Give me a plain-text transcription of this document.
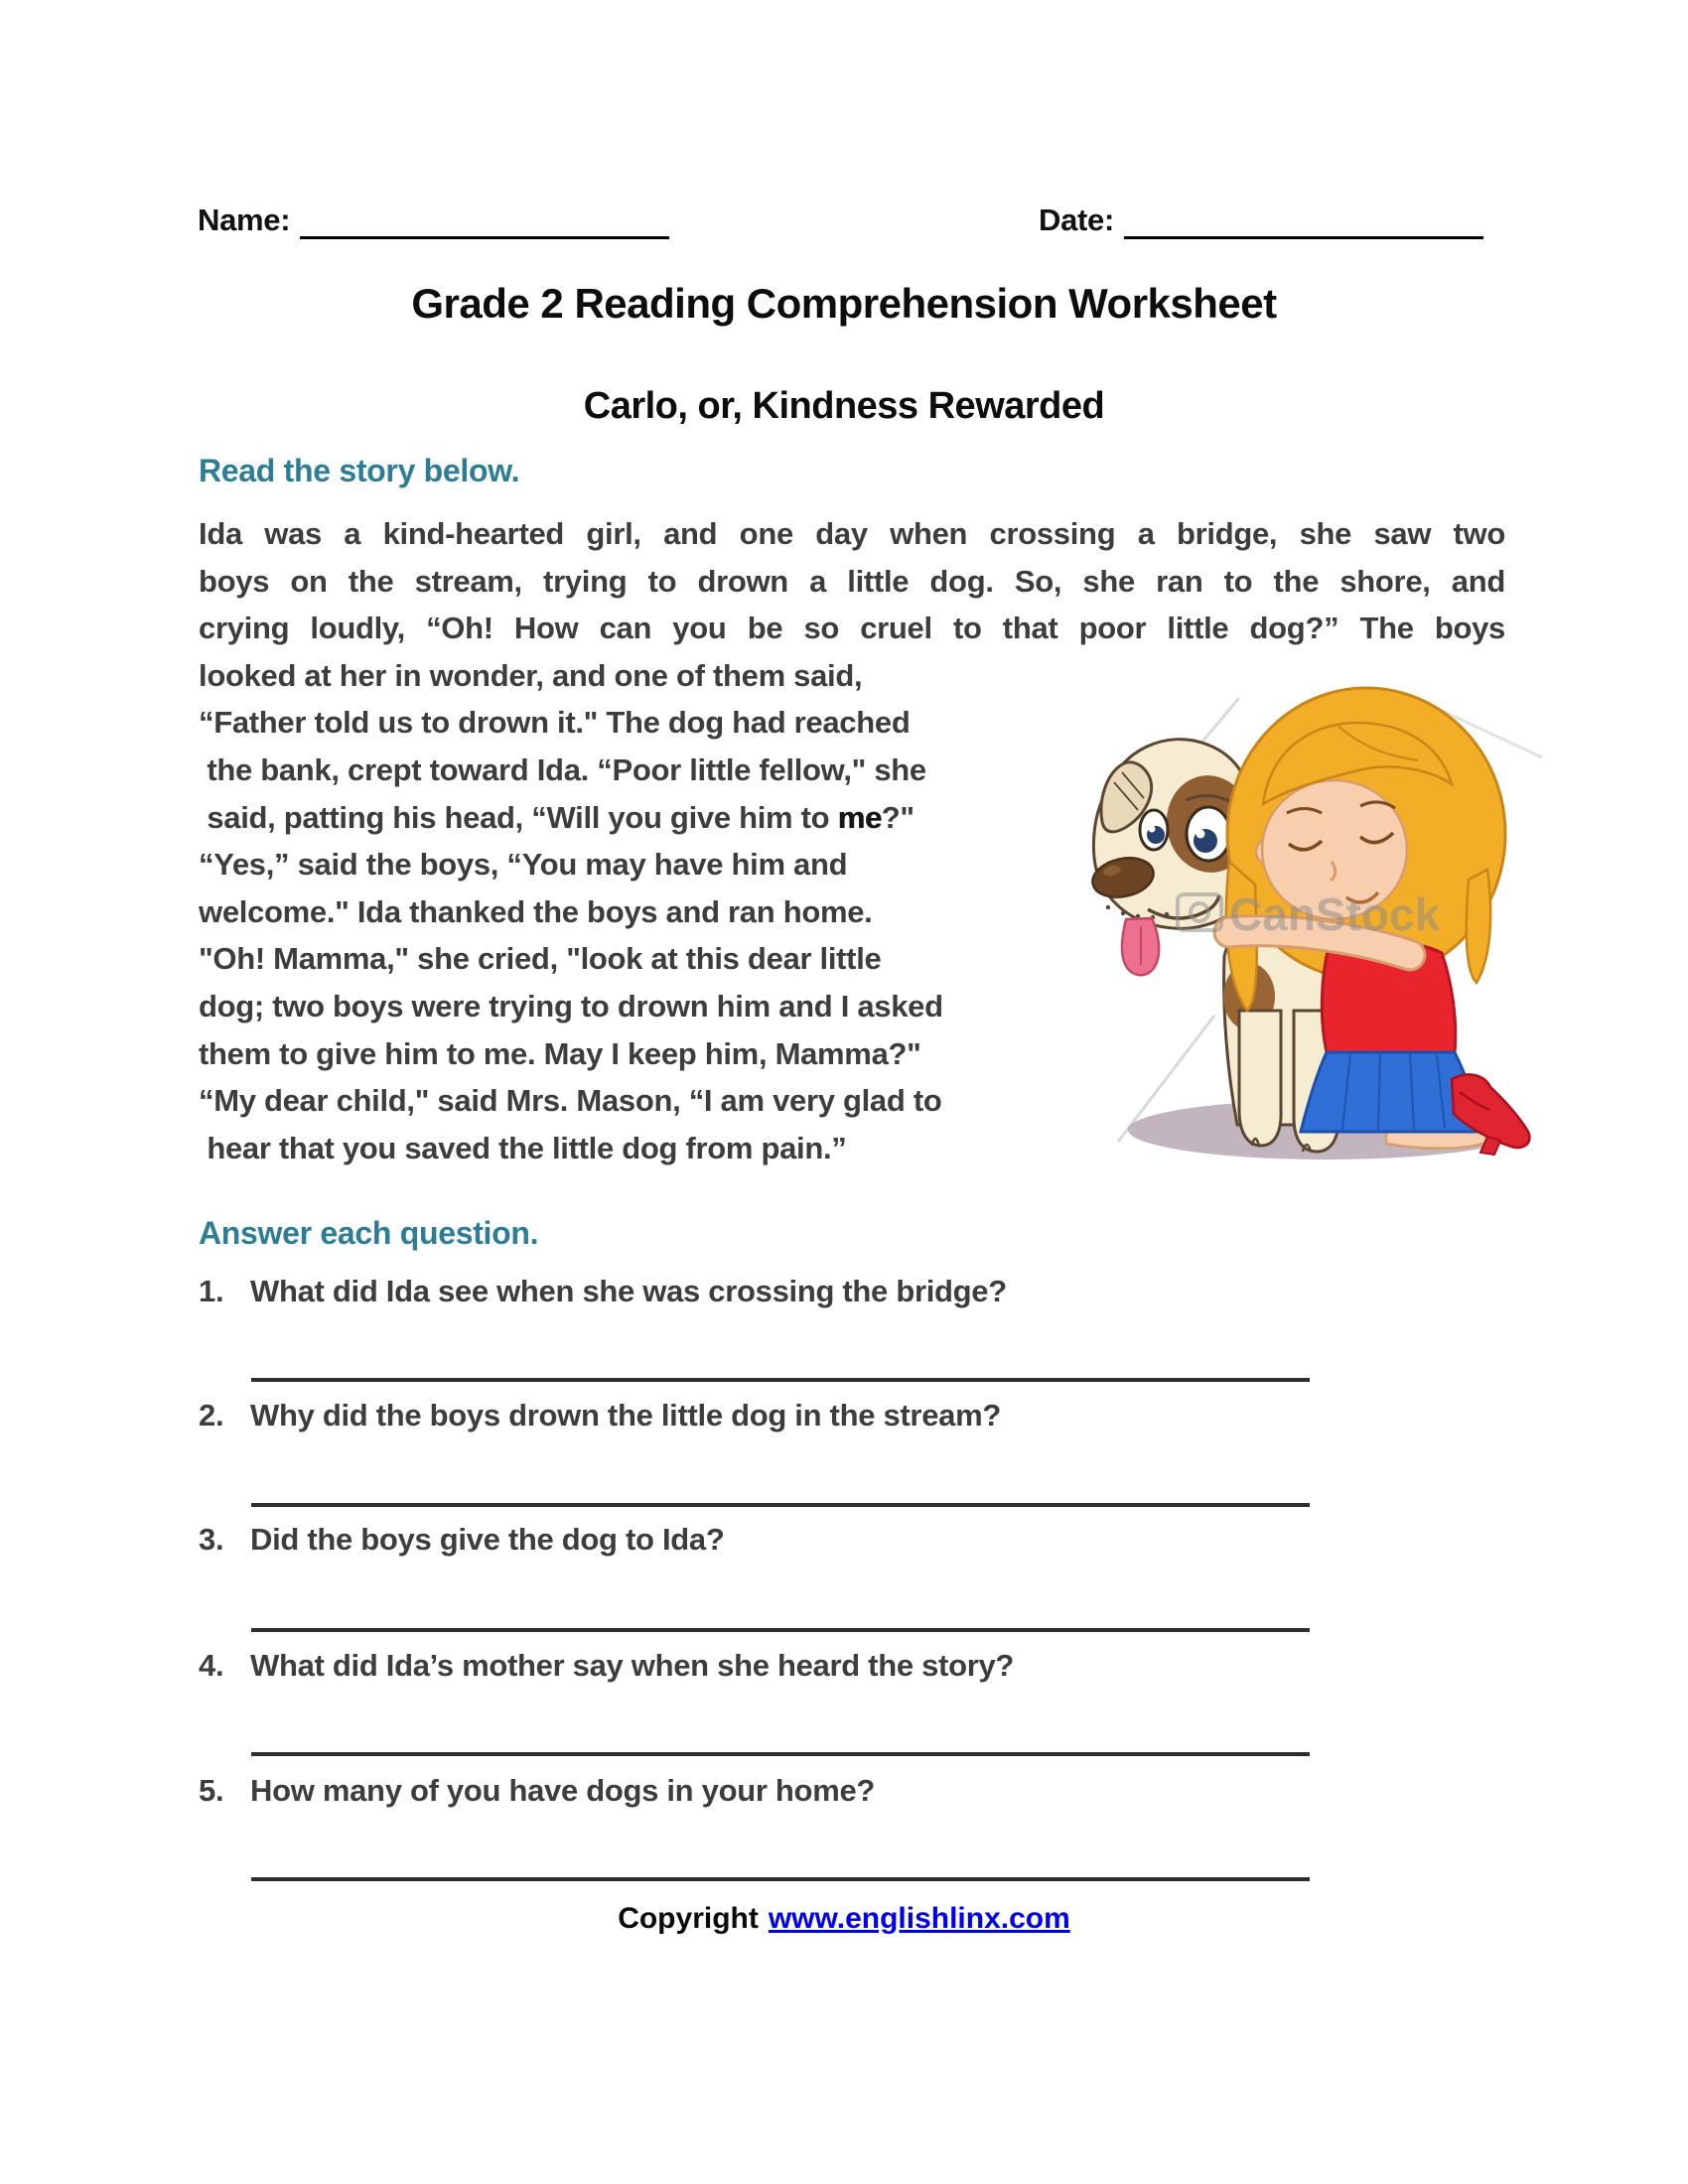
Name:	Date:
Grade 2 Reading Comprehension Worksheet
Carlo, or, Kindness Rewarded
Read the story below.
Ida was a kind-hearted girl, and one day when crossing a bridge, she saw two
boys on the stream, trying to drown a little dog. So, she ran to the shore, and
crying loudly, “Oh! How can you be so cruel to that poor little dog?” The boys
looked at her in wonder, and one of them said,
“Father told us to drown it." The dog had reached
the bank, crept toward Ida. “Poor little fellow," she
said, patting his head, “Will you give him to me?"
“Yes,” said the boys, “You may have him and
welcome." Ida thanked the boys and ran home.
"Oh! Mamma," she cried, "look at this dear little
dog; two boys were trying to drown him and I asked
them to give him to me. May I keep him, Mamma?"
“My dear child," said Mrs. Mason, “I am very glad to
hear that you saved the little dog from pain.”
CanStock
Answer each question.
1. What did Ida see when she was crossing the bridge?
2. Why did the boys drown the little dog in the stream?
3. Did the boys give the dog to Ida?
4. What did Ida’s mother say when she heard the story?
5. How many of you have dogs in your home?
Copyright www.englishlinx.com
